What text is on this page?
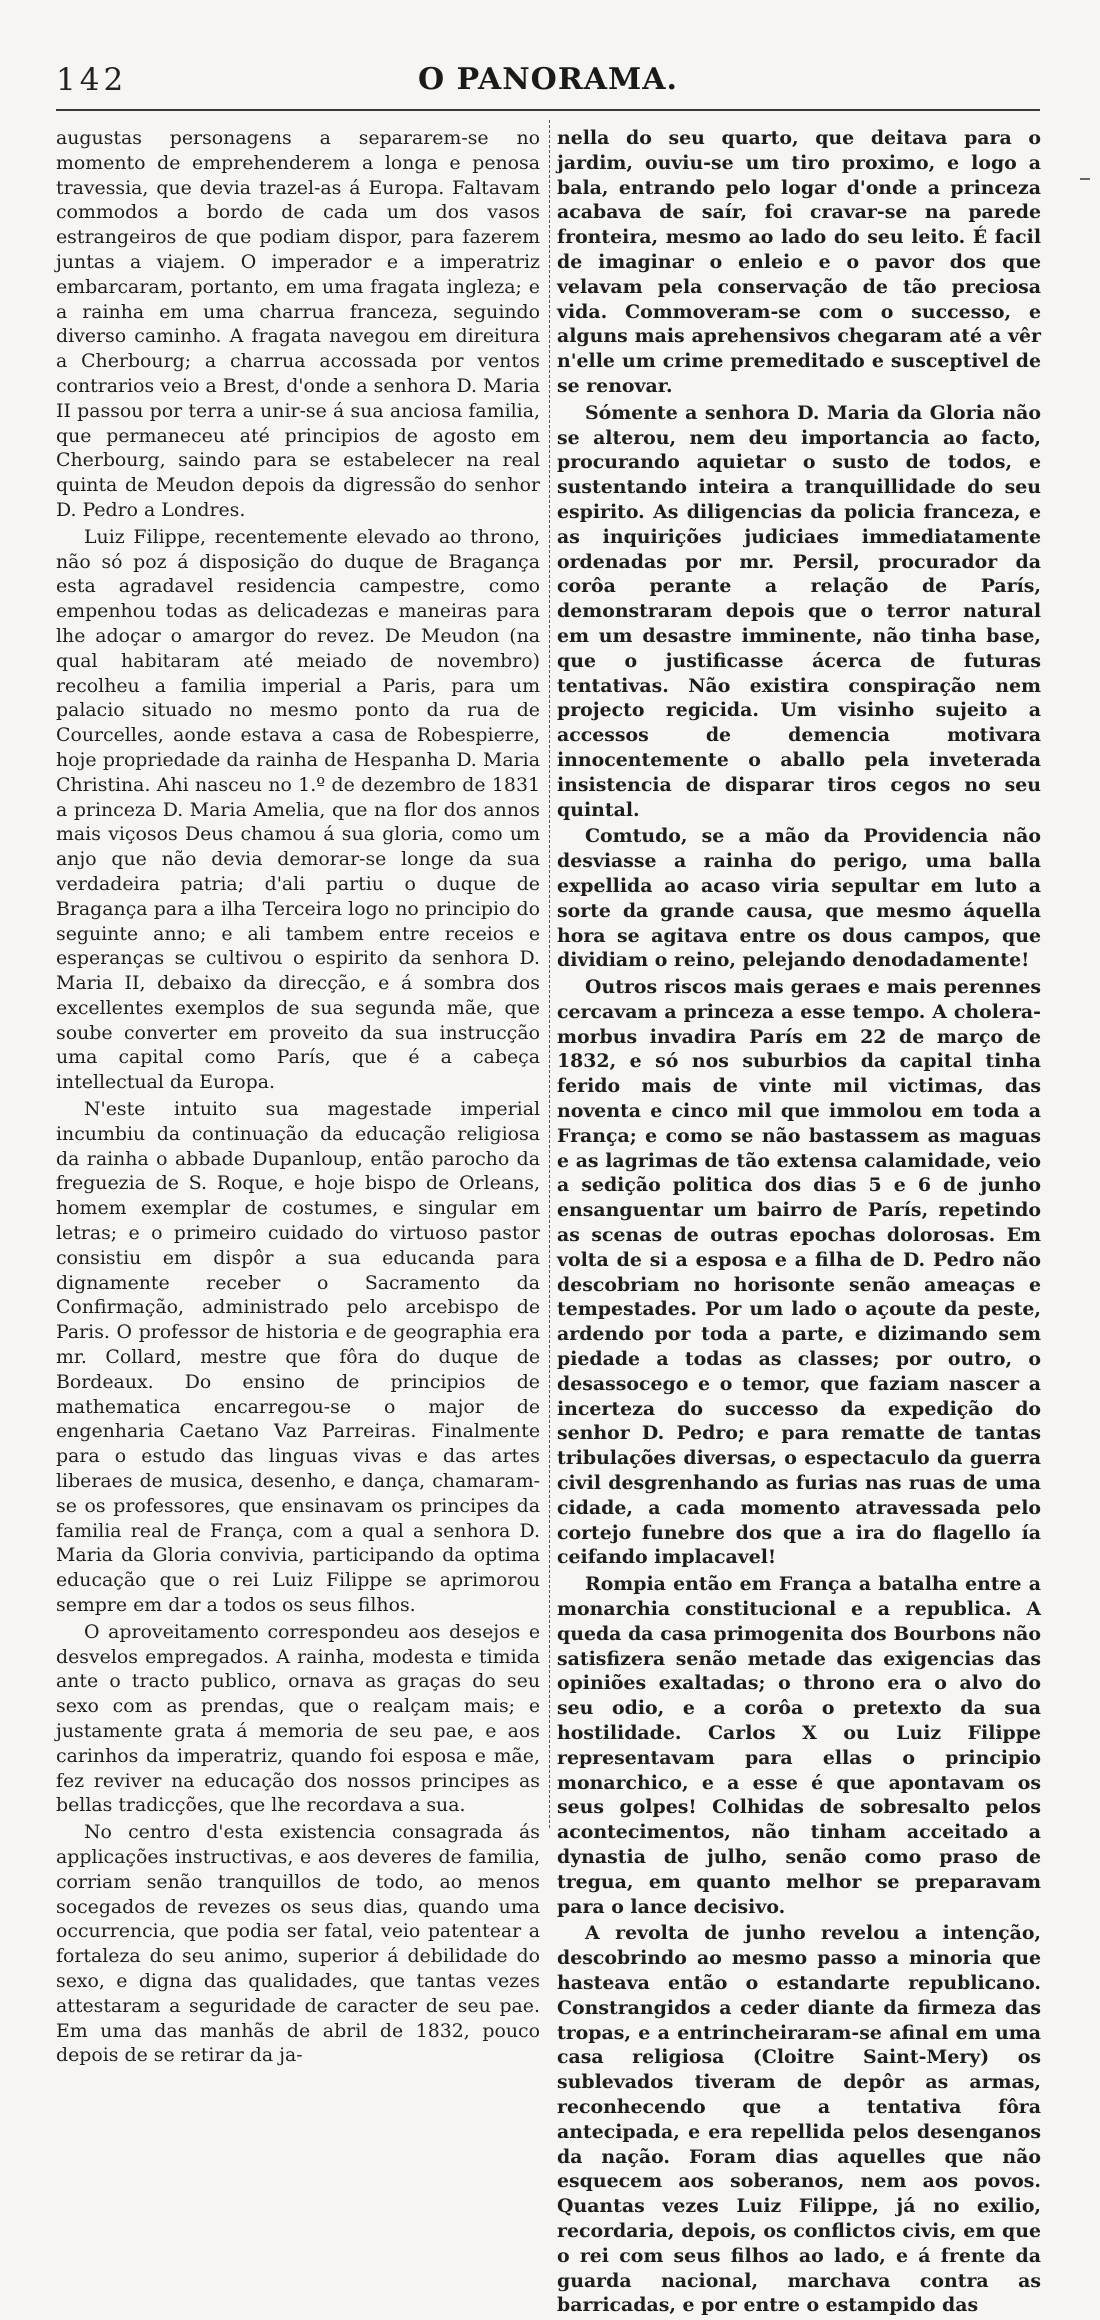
142	O PANORAMA.

augustas personagens a separarem-se no momento de emprehenderem a longa e penosa travessia, que devia trazel-as á Europa. Faltavam commodos a bordo de cada um dos vasos estrangeiros de que podiam dispor, para fazerem juntas a viajem. O imperador e a imperatriz embarcaram, portanto, em uma fragata ingleza; e a rainha em uma charrua franceza, seguindo diverso caminho. A fragata navegou em direitura a Cherbourg; a charrua accossada por ventos contrarios veio a Brest, d'onde a senhora D. Maria II passou por terra a unir-se á sua anciosa familia, que permaneceu até principios de agosto em Cherbourg, saindo para se estabelecer na real quinta de Meudon depois da digressão do senhor D. Pedro a Londres.

Luiz Filippe, recentemente elevado ao throno, não só poz á disposição do duque de Bragança esta agradavel residencia campestre, como empenhou todas as delicadezas e maneiras para lhe adoçar o amargor do revez. De Meudon (na qual habitaram até meiado de novembro) recolheu a familia imperial a Paris, para um palacio situado no mesmo ponto da rua de Courcelles, aonde estava a casa de Robespierre, hoje propriedade da rainha de Hespanha D. Maria Christina. Ahi nasceu no 1.º de dezembro de 1831 a princeza D. Maria Amelia, que na flor dos annos mais viçosos Deus chamou á sua gloria, como um anjo que não devia demorar-se longe da sua verdadeira patria; d'ali partiu o duque de Bragança para a ilha Terceira logo no principio do seguinte anno; e ali tambem entre receios e esperanças se cultivou o espirito da senhora D. Maria II, debaixo da direcção, e á sombra dos excellentes exemplos de sua segunda mãe, que soube converter em proveito da sua instrucção uma capital como París, que é a cabeça intellectual da Europa.

N'este intuito sua magestade imperial incumbiu da continuação da educação religiosa da rainha o abbade Dupanloup, então parocho da freguezia de S. Roque, e hoje bispo de Orleans, homem exemplar de costumes, e singular em letras; e o primeiro cuidado do virtuoso pastor consistiu em dispôr a sua educanda para dignamente receber o Sacramento da Confirmação, administrado pelo arcebispo de Paris. O professor de historia e de geographia era mr. Collard, mestre que fôra do duque de Bordeaux. Do ensino de principios de mathematica encarregou-se o major de engenharia Caetano Vaz Parreiras. Finalmente para o estudo das linguas vivas e das artes liberaes de musica, desenho, e dança, chamaram-se os professores, que ensinavam os principes da familia real de França, com a qual a senhora D. Maria da Gloria convivia, participando da optima educação que o rei Luiz Filippe se aprimorou sempre em dar a todos os seus filhos.

O aproveitamento correspondeu aos desejos e desvelos empregados. A rainha, modesta e timida ante o tracto publico, ornava as graças do seu sexo com as prendas, que o realçam mais; e justamente grata á memoria de seu pae, e aos carinhos da imperatriz, quando foi esposa e mãe, fez reviver na educação dos nossos principes as bellas tradicções, que lhe recordava a sua.

No centro d'esta existencia consagrada ás applicações instructivas, e aos deveres de familia, corriam senão tranquillos de todo, ao menos socegados de revezes os seus dias, quando uma occurrencia, que podia ser fatal, veio patentear a fortaleza do seu animo, superior á debilidade do sexo, e digna das qualidades, que tantas vezes attestaram a seguridade de caracter de seu pae. Em uma das manhãs de abril de 1832, pouco depois de se retirar da ja-

nella do seu quarto, que deitava para o jardim, ouviu-se um tiro proximo, e logo a bala, entrando pelo logar d'onde a princeza acabava de saír, foi cravar-se na parede fronteira, mesmo ao lado do seu leito. É facil de imaginar o enleio e o pavor dos que velavam pela conservação de tão preciosa vida. Commoveram-se com o successo, e alguns mais aprehensivos chegaram até a vêr n'elle um crime premeditado e susceptivel de se renovar.

Sómente a senhora D. Maria da Gloria não se alterou, nem deu importancia ao facto, procurando aquietar o susto de todos, e sustentando inteira a tranquillidade do seu espirito. As diligencias da policia franceza, e as inquirições judiciaes immediatamente ordenadas por mr. Persil, procurador da corôa perante a relação de París, demonstraram depois que o terror natural em um desastre imminente, não tinha base, que o justificasse ácerca de futuras tentativas. Não existira conspiração nem projecto regicida. Um visinho sujeito a accessos de demencia motivara innocentemente o aballo pela inveterada insistencia de disparar tiros cegos no seu quintal.

Comtudo, se a mão da Providencia não desviasse a rainha do perigo, uma balla expellida ao acaso viria sepultar em luto a sorte da grande causa, que mesmo áquella hora se agitava entre os dous campos, que dividiam o reino, pelejando denodadamente!

Outros riscos mais geraes e mais perennes cercavam a princeza a esse tempo. A cholera-morbus invadira París em 22 de março de 1832, e só nos suburbios da capital tinha ferido mais de vinte mil victimas, das noventa e cinco mil que immolou em toda a França; e como se não bastassem as maguas e as lagrimas de tão extensa calamidade, veio a sedição politica dos dias 5 e 6 de junho ensanguentar um bairro de París, repetindo as scenas de outras epochas dolorosas. Em volta de si a esposa e a filha de D. Pedro não descobriam no horisonte senão ameaças e tempestades. Por um lado o açoute da peste, ardendo por toda a parte, e dizimando sem piedade a todas as classes; por outro, o desassocego e o temor, que faziam nascer a incerteza do successo da expedição do senhor D. Pedro; e para rematte de tantas tribulações diversas, o espectaculo da guerra civil desgrenhando as furias nas ruas de uma cidade, a cada momento atravessada pelo cortejo funebre dos que a ira do flagello ía ceifando implacavel!

Rompia então em França a batalha entre a monarchia constitucional e a republica. A queda da casa primogenita dos Bourbons não satisfizera senão metade das exigencias das opiniões exaltadas; o throno era o alvo do seu odio, e a corôa o pretexto da sua hostilidade. Carlos X ou Luiz Filippe representavam para ellas o principio monarchico, e a esse é que apontavam os seus golpes! Colhidas de sobresalto pelos acontecimentos, não tinham acceitado a dynastia de julho, senão como praso de tregua, em quanto melhor se preparavam para o lance decisivo.

A revolta de junho revelou a intenção, descobrindo ao mesmo passo a minoria que hasteava então o estandarte republicano. Constrangidos a ceder diante da firmeza das tropas, e a entrincheiraram-se afinal em uma casa religiosa (Cloitre Saint-Mery) os sublevados tiveram de depôr as armas, reconhecendo que a tentativa fôra antecipada, e era repellida pelos desenganos da nação. Foram dias aquelles que não esquecem aos soberanos, nem aos povos. Quantas vezes Luiz Filippe, já no exilio, recordaria, depois, os conflictos civis, em que o rei com seus filhos ao lado, e á frente da guarda nacional, marchava contra as barricadas, e por entre o estampido das
